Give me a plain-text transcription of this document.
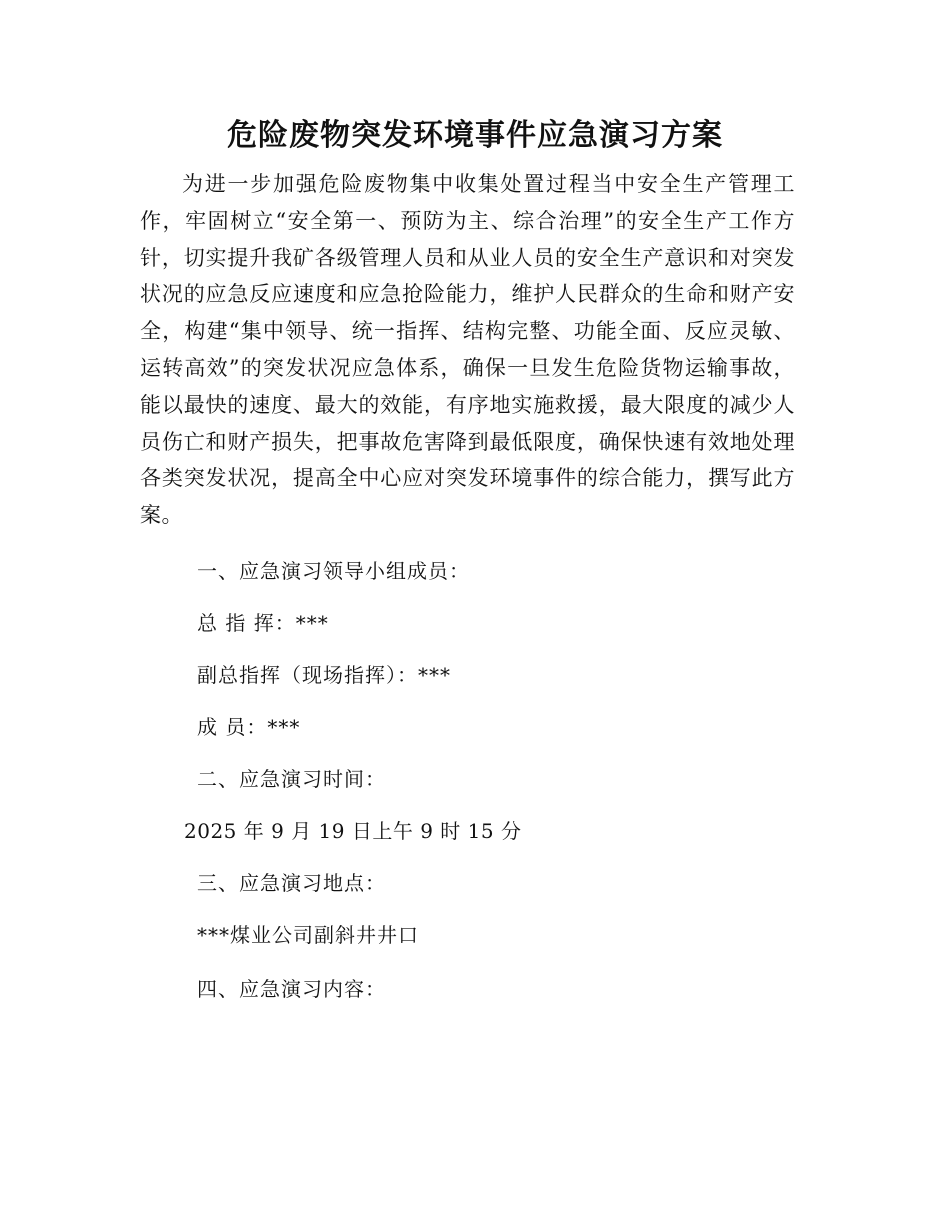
危险废物突发环境事件应急演习方案

为进一步加强危险废物集中收集处置过程当中安全生产管理工作，牢固树立“安全第一、预防为主、综合治理”的安全生产工作方针，切实提升我矿各级管理人员和从业人员的安全生产意识和对突发状况的应急反应速度和应急抢险能力，维护人民群众的生命和财产安全，构建“集中领导、统一指挥、结构完整、功能全面、反应灵敏、运转高效”的突发状况应急体系，确保一旦发生危险货物运输事故，能以最快的速度、最大的效能，有序地实施救援，最大限度的减少人员伤亡和财产损失，把事故危害降到最低限度，确保快速有效地处理各类突发状况，提高全中心应对突发环境事件的综合能力，撰写此方案。

一、应急演习领导小组成员：

总 指 挥：***

副总指挥（现场指挥）：***

成 员：***

二、应急演习时间：

2025 年 9 月 19 日上午 9 时 15 分

三、应急演习地点：

***煤业公司副斜井井口

四、应急演习内容：
